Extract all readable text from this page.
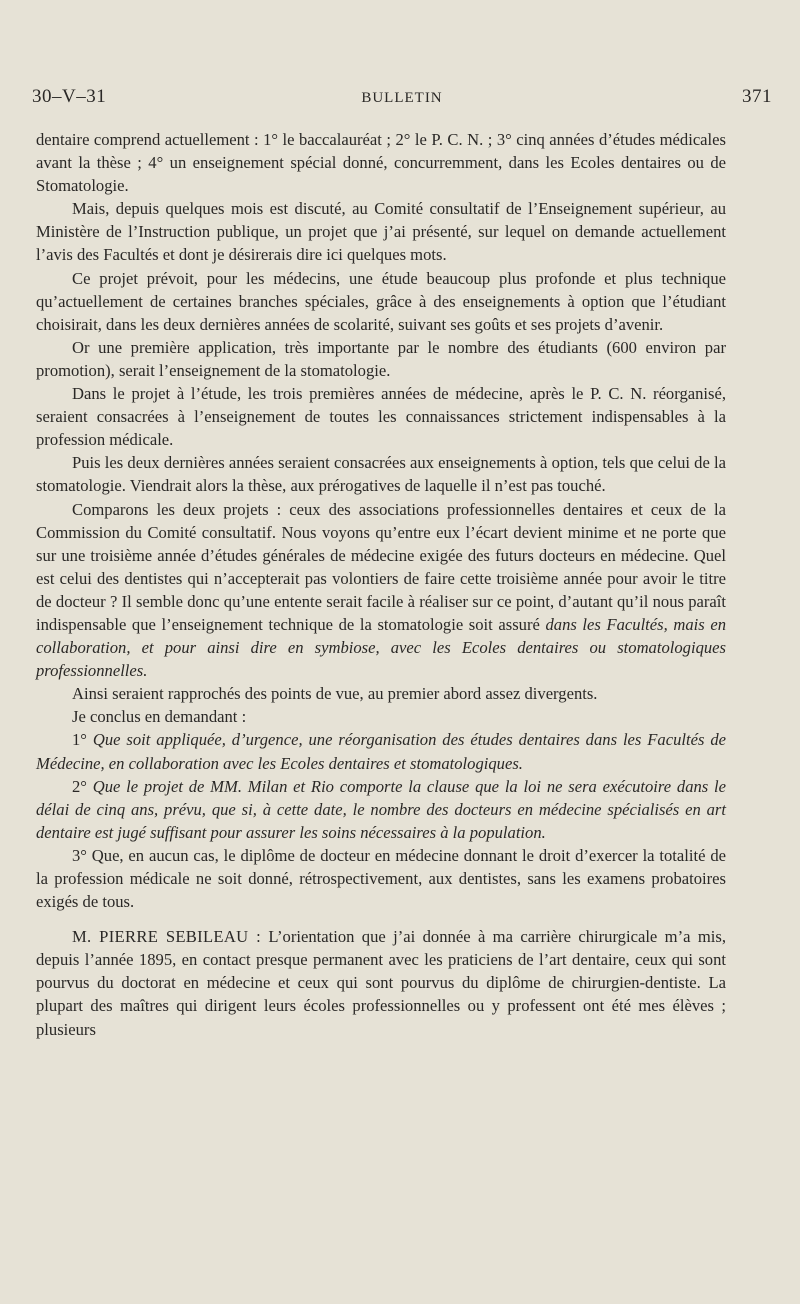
30–V–31	BULLETIN	371

dentaire comprend actuellement : 1° le baccalauréat ; 2° le P. C. N. ; 3° cinq années d’études médicales avant la thèse ; 4° un enseignement spécial donné, concurremment, dans les Ecoles dentaires ou de Stomatologie.

Mais, depuis quelques mois est discuté, au Comité consultatif de l’Enseignement supérieur, au Ministère de l’Instruction publique, un projet que j’ai présenté, sur lequel on demande actuellement l’avis des Facultés et dont je désirerais dire ici quelques mots.

Ce projet prévoit, pour les médecins, une étude beaucoup plus profonde et plus technique qu’actuellement de certaines branches spéciales, grâce à des enseignements à option que l’étudiant choisirait, dans les deux dernières années de scolarité, suivant ses goûts et ses projets d’avenir.

Or une première application, très importante par le nombre des étudiants (600 environ par promotion), serait l’enseignement de la stomatologie.

Dans le projet à l’étude, les trois premières années de médecine, après le P. C. N. réorganisé, seraient consacrées à l’enseignement de toutes les connaissances strictement indispensables à la profession médicale.

Puis les deux dernières années seraient consacrées aux enseignements à option, tels que celui de la stomatologie. Viendrait alors la thèse, aux prérogatives de laquelle il n’est pas touché.

Comparons les deux projets : ceux des associations professionnelles dentaires et ceux de la Commission du Comité consultatif. Nous voyons qu’entre eux l’écart devient minime et ne porte que sur une troisième année d’études générales de médecine exigée des futurs docteurs en médecine. Quel est celui des dentistes qui n’accepterait pas volontiers de faire cette troisième année pour avoir le titre de docteur ? Il semble donc qu’une entente serait facile à réaliser sur ce point, d’autant qu’il nous paraît indispensable que l’enseignement technique de la stomatologie soit assuré dans les Facultés, mais en collaboration, et pour ainsi dire en symbiose, avec les Ecoles dentaires ou stomatologiques professionnelles.

Ainsi seraient rapprochés des points de vue, au premier abord assez divergents.

Je conclus en demandant :

1° Que soit appliquée, d’urgence, une réorganisation des études dentaires dans les Facultés de Médecine, en collaboration avec les Ecoles dentaires et stomatologiques.

2° Que le projet de MM. Milan et Rio comporte la clause que la loi ne sera exécutoire dans le délai de cinq ans, prévu, que si, à cette date, le nombre des docteurs en médecine spécialisés en art dentaire est jugé suffisant pour assurer les soins nécessaires à la population.

3° Que, en aucun cas, le diplôme de docteur en médecine donnant le droit d’exercer la totalité de la profession médicale ne soit donné, rétrospectivement, aux dentistes, sans les examens probatoires exigés de tous.

M. PIERRE SEBILEAU : L’orientation que j’ai donnée à ma carrière chirurgicale m’a mis, depuis l’année 1895, en contact presque permanent avec les praticiens de l’art dentaire, ceux qui sont pourvus du doctorat en médecine et ceux qui sont pourvus du diplôme de chirurgien-dentiste. La plupart des maîtres qui dirigent leurs écoles professionnelles ou y professent ont été mes élèves ; plusieurs
